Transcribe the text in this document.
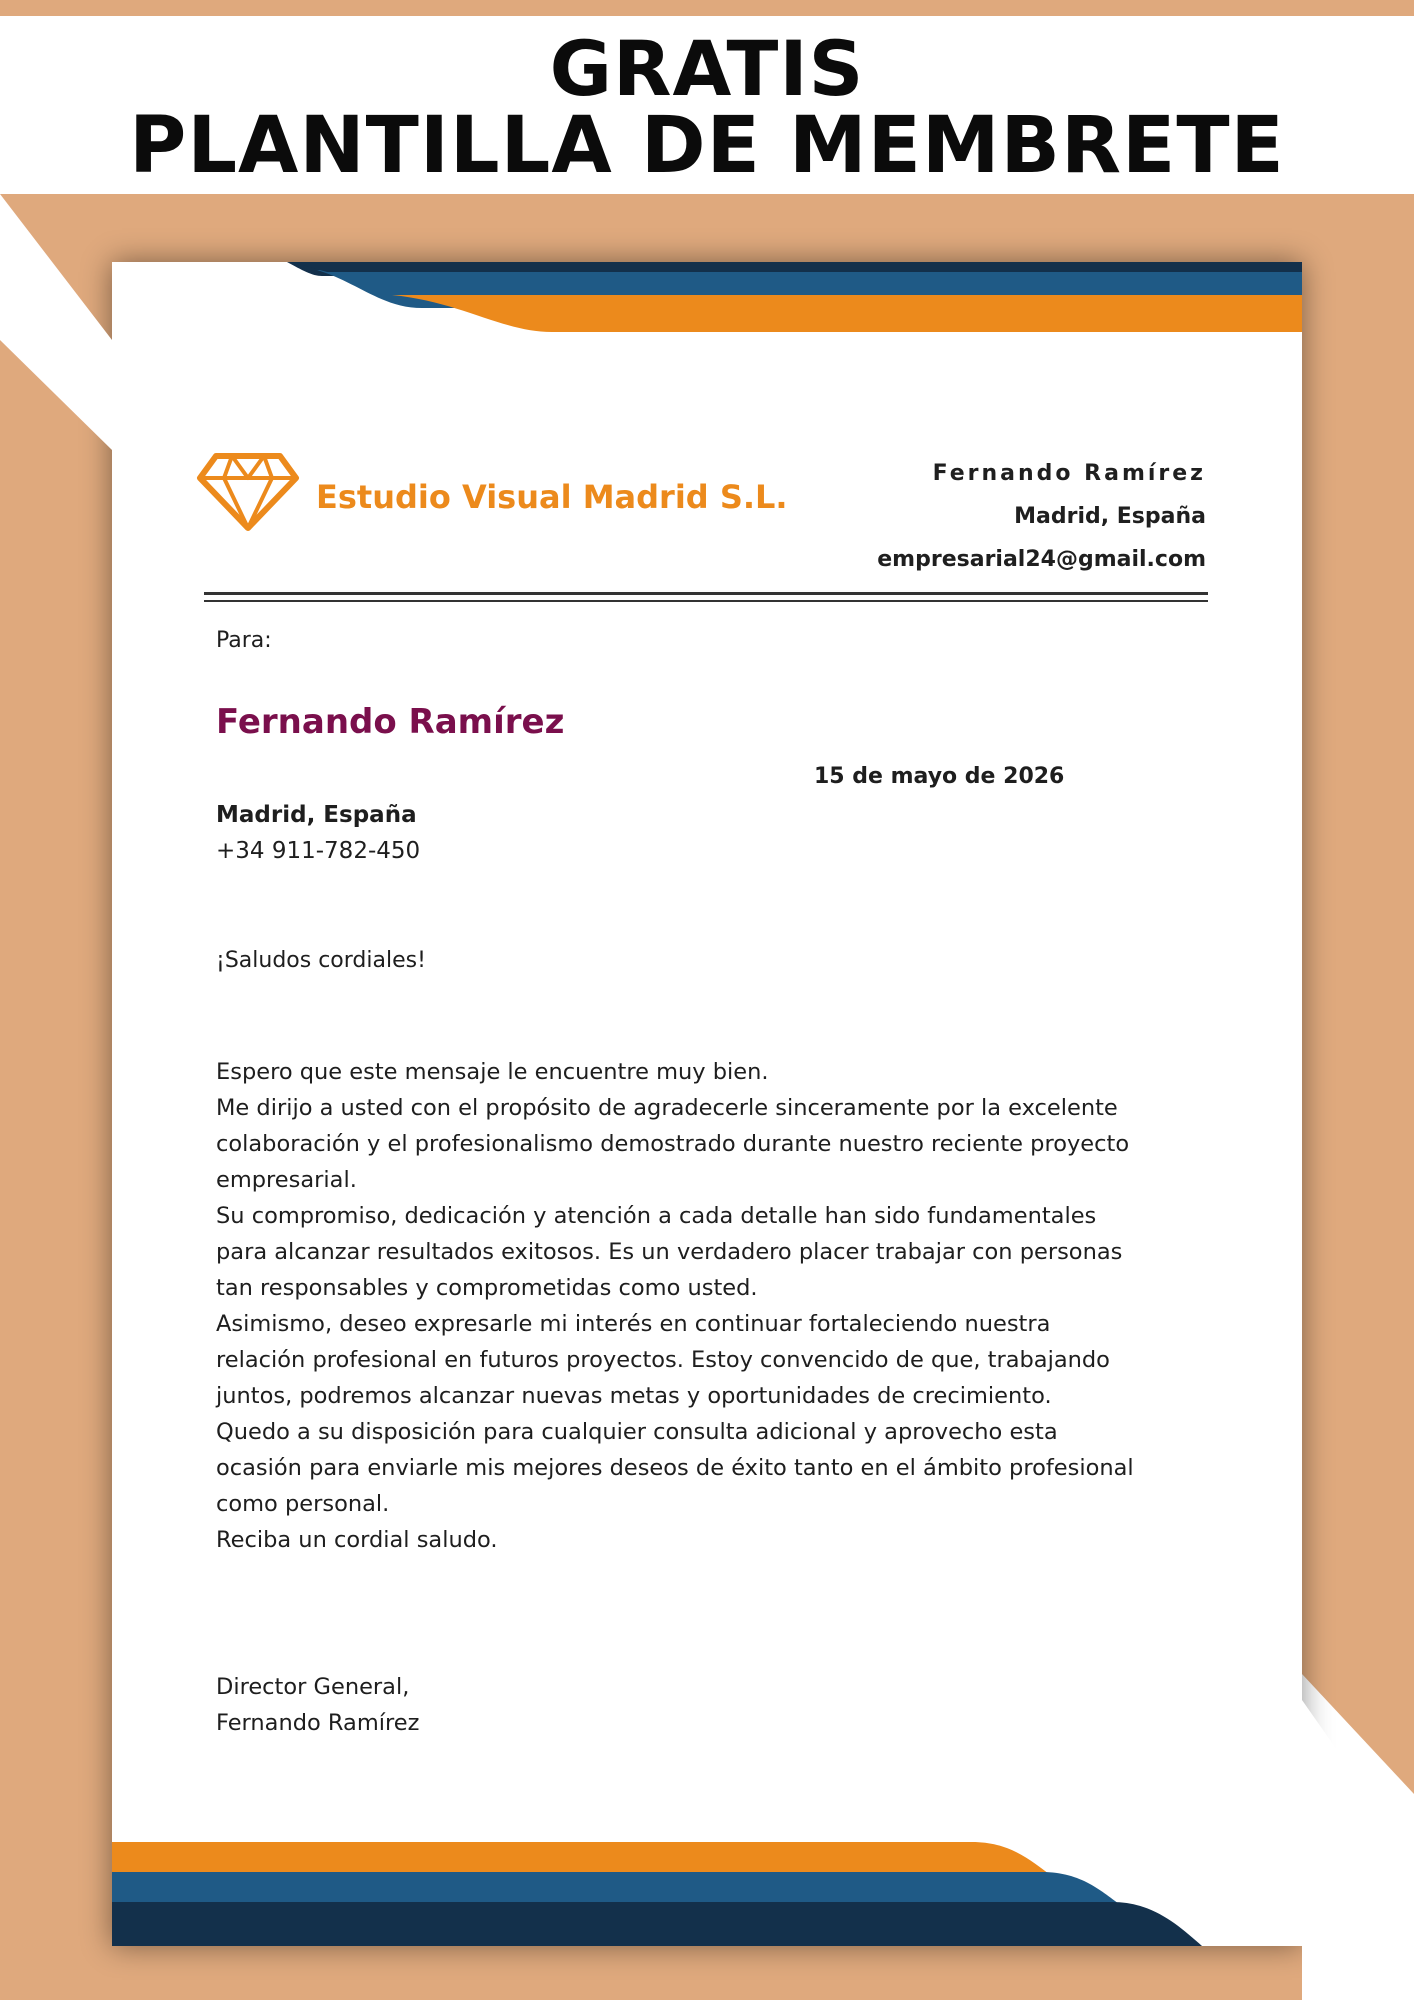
GRATIS
PLANTILLA DE MEMBRETE
Estudio Visual Madrid S.L.
Fernando Ramírez
Madrid, España
empresarial24@gmail.com
Para:
Fernando Ramírez
15 de mayo de 2026
Madrid, España
+34 911-782-450
¡Saludos cordiales!
Espero que este mensaje le encuentre muy bien.
Me dirijo a usted con el propósito de agradecerle sinceramente por la excelente
colaboración y el profesionalismo demostrado durante nuestro reciente proyecto
empresarial.
Su compromiso, dedicación y atención a cada detalle han sido fundamentales
para alcanzar resultados exitosos. Es un verdadero placer trabajar con personas
tan responsables y comprometidas como usted.
Asimismo, deseo expresarle mi interés en continuar fortaleciendo nuestra
relación profesional en futuros proyectos. Estoy convencido de que, trabajando
juntos, podremos alcanzar nuevas metas y oportunidades de crecimiento.
Quedo a su disposición para cualquier consulta adicional y aprovecho esta
ocasión para enviarle mis mejores deseos de éxito tanto en el ámbito profesional
como personal.
Reciba un cordial saludo.
Director General,
Fernando Ramírez
